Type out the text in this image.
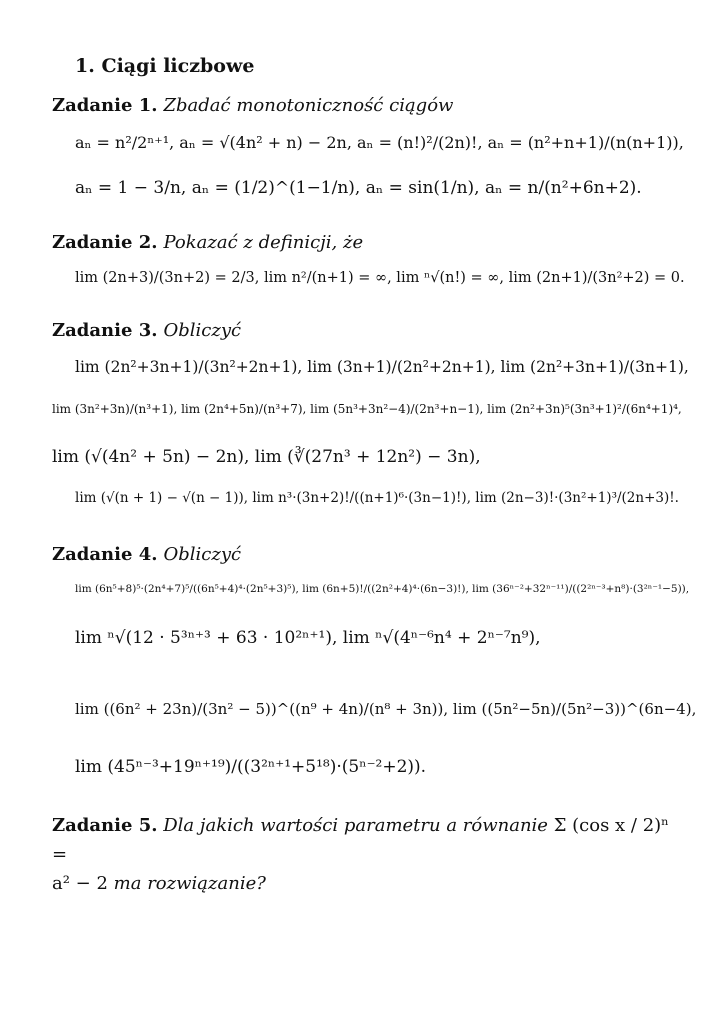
1. Ciągi liczbowe
Zadanie 1. Zbadać monotoniczność ciągów
aₙ = n²/2ⁿ⁺¹, aₙ = √(4n² + n) − 2n, aₙ = (n!)²/(2n)!, aₙ = (n²+n+1)/(n(n+1)),
aₙ = 1 − 3/n, aₙ = (1/2)^(1−1/n), aₙ = sin(1/n), aₙ = n/(n²+6n+2).
Zadanie 2. Pokazać z definicji, że
lim (2n+3)/(3n+2) = 2/3, lim n²/(n+1) = ∞, lim ⁿ√(n!) = ∞, lim (2n+1)/(3n²+2) = 0.
Zadanie 3. Obliczyć
lim (2n²+3n+1)/(3n²+2n+1), lim (3n+1)/(2n²+2n+1), lim (2n²+3n+1)/(3n+1),
lim (3n²+3n)/(n³+1), lim (2n⁴+5n)/(n³+7), lim (5n³+3n²−4)/(2n³+n−1), lim (2n²+3n)⁵(3n³+1)²/(6n⁴+1)⁴,
lim (√(4n² + 5n) − 2n), lim (∛(27n³ + 12n²) − 3n),
lim (√(n + 1) − √(n − 1)), lim n³·(3n+2)!/((n+1)⁶·(3n−1)!), lim (2n−3)!·(3n²+1)³/(2n+3)!.
Zadanie 4. Obliczyć
lim (6n⁵+8)⁵·(2n⁴+7)⁵/((6n⁵+4)⁴·(2n⁵+3)⁵), lim (6n+5)!/((2n²+4)⁴·(6n−3)!), lim (36ⁿ⁻²+32ⁿ⁻¹¹)/((2²ⁿ⁻³+n⁸)·(3²ⁿ⁻¹−5)),
lim ⁿ√(12 · 5³ⁿ⁺³ + 63 · 10²ⁿ⁺¹), lim ⁿ√(4ⁿ⁻⁶n⁴ + 2ⁿ⁻⁷n⁹),
lim ((6n² + 23n)/(3n² − 5))^((n⁹ + 4n)/(n⁸ + 3n)), lim ((5n²−5n)/(5n²−3))^(6n−4),
lim (45ⁿ⁻³+19ⁿ⁺¹⁹)/((3²ⁿ⁺¹+5¹⁸)·(5ⁿ⁻²+2)).
Zadanie 5. Dla jakich wartości parametru a równanie Σ (cos x / 2)ⁿ =
a² − 2 ma rozwiązanie?
